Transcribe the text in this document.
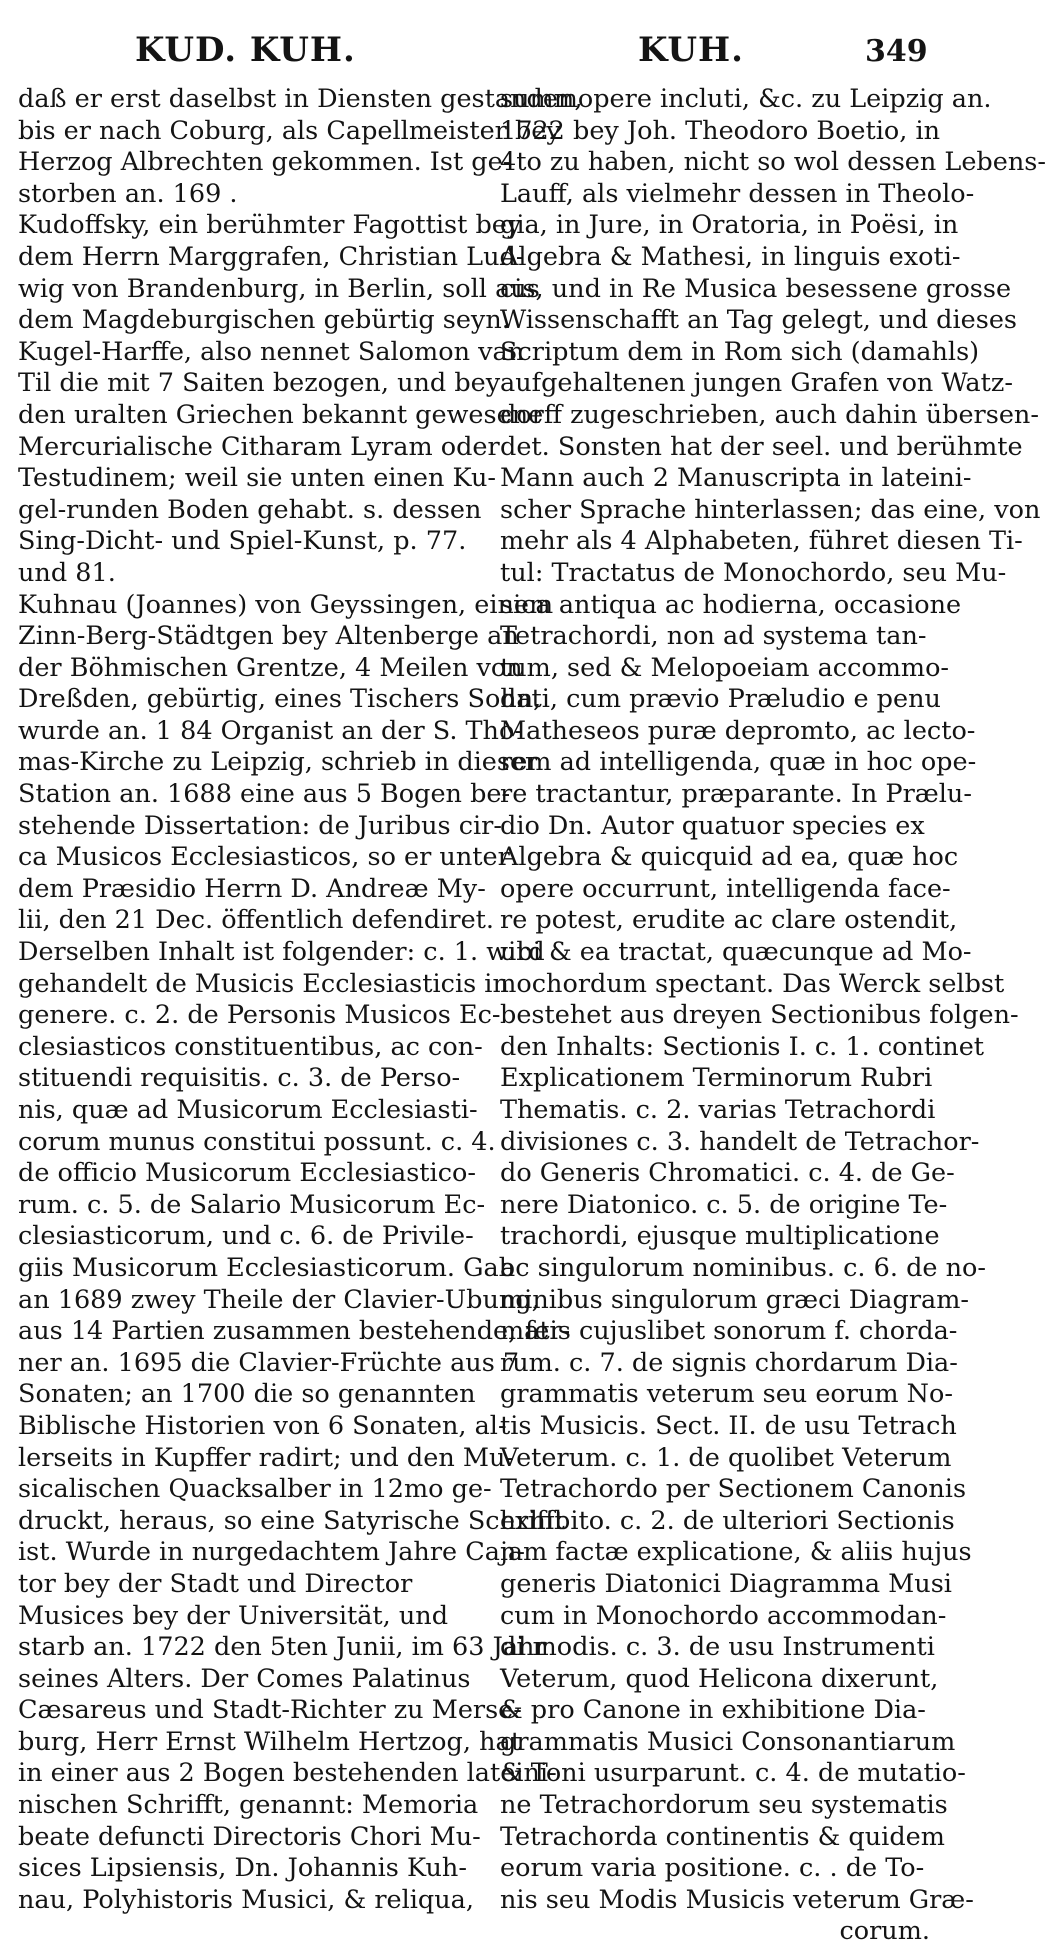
KUD. KUH.	KUH.	349
daß er erst daselbst in Diensten gestanden,
bis er nach Coburg, als Capellmeister bey
Herzog Albrechten gekommen. Ist ge-
storben an. 169 .
Kudoffsky, ein berühmter Fagottist bey
dem Herrn Marggrafen, Christian Lud-
wig von Brandenburg, in Berlin, soll aus
dem Magdeburgischen gebürtig seyn.
Kugel-Harffe, also nennet Salomon van
Til die mit 7 Saiten bezogen, und bey
den uralten Griechen bekannt gewesene
Mercurialische Citharam Lyram oder
Testudinem; weil sie unten einen Ku-
gel-runden Boden gehabt. s. dessen
Sing-Dicht- und Spiel-Kunst, p. 77.
und 81.
Kuhnau (Joannes) von Geyssingen, einem
Zinn-Berg-Städtgen bey Altenberge an
der Böhmischen Grentze, 4 Meilen von
Dreßden, gebürtig, eines Tischers Sohn,
wurde an. 1 84 Organist an der S. Tho-
mas-Kirche zu Leipzig, schrieb in dieser
Station an. 1688 eine aus 5 Bogen be-
stehende Dissertation: de Juribus cir-
ca Musicos Ecclesiasticos, so er unter
dem Præsidio Herrn D. Andreæ My-
lii, den 21 Dec. öffentlich defendiret.
Derselben Inhalt ist folgender: c. 1. wird
gehandelt de Musicis Ecclesiasticis in
genere. c. 2. de Personis Musicos Ec-
clesiasticos constituentibus, ac con-
stituendi requisitis. c. 3. de Perso-
nis, quæ ad Musicorum Ecclesiasti-
corum munus constitui possunt. c. 4.
de officio Musicorum Ecclesiastico-
rum. c. 5. de Salario Musicorum Ec-
clesiasticorum, und c. 6. de Privile-
giis Musicorum Ecclesiasticorum. Gab
an 1689 zwey Theile der Clavier-Ubung,
aus 14 Partien zusammen bestehende; fer-
ner an. 1695 die Clavier-Früchte aus 7
Sonaten; an 1700 die so genannten
Biblische Historien von 6 Sonaten, al-
lerseits in Kupffer radirt; und den Mu-
sicalischen Quacksalber in 12mo ge-
druckt, heraus, so eine Satyrische Schrifft
ist. Wurde in nurgedachtem Jahre Can-
tor bey der Stadt und Director
Musices bey der Universität, und
starb an. 1722 den 5ten Junii, im 63 Jahr
seines Alters. Der Comes Palatinus
Cæsareus und Stadt-Richter zu Merse-
burg, Herr Ernst Wilhelm Hertzog, hat
in einer aus 2 Bogen bestehenden lateini-
nischen Schrifft, genannt: Memoria
beate defuncti Directoris Chori Mu-
sices Lipsiensis, Dn. Johannis Kuh-
nau, Polyhistoris Musici, & reliqua,
summopere incluti, &c. zu Leipzig an.
1722 bey Joh. Theodoro Boetio, in
4to zu haben, nicht so wol dessen Lebens-
Lauff, als vielmehr dessen in Theolo-
gia, in Jure, in Oratoria, in Poësi, in
Algebra & Mathesi, in linguis exoti-
cis, und in Re Musica besessene grosse
Wissenschafft an Tag gelegt, und dieses
Scriptum dem in Rom sich (damahls)
aufgehaltenen jungen Grafen von Watz-
dorff zugeschrieben, auch dahin übersen-
det. Sonsten hat der seel. und berühmte
Mann auch 2 Manuscripta in lateini-
scher Sprache hinterlassen; das eine, von
mehr als 4 Alphabeten, führet diesen Ti-
tul: Tractatus de Monochordo, seu Mu-
sica antiqua ac hodierna, occasione
Tetrachordi, non ad systema tan-
tum, sed & Melopoeiam accommo-
dati, cum prævio Præludio e penu
Matheseos puræ depromto, ac lecto-
rem ad intelligenda, quæ in hoc ope-
re tractantur, præparante. In Prælu-
dio Dn. Autor quatuor species ex
Algebra & quicquid ad ea, quæ hoc
opere occurrunt, intelligenda face-
re potest, erudite ac clare ostendit,
ubi & ea tractat, quæcunque ad Mo-
nochordum spectant. Das Werck selbst
bestehet aus dreyen Sectionibus folgen-
den Inhalts: Sectionis I. c. 1. continet
Explicationem Terminorum Rubri
Thematis. c. 2. varias Tetrachordi
divisiones c. 3. handelt de Tetrachor-
do Generis Chromatici. c. 4. de Ge-
nere Diatonico. c. 5. de origine Te-
trachordi, ejusque multiplicatione
ac singulorum nominibus. c. 6. de no-
minibus singulorum græci Diagram-
matis cujuslibet sonorum f. chorda-
rum. c. 7. de signis chordarum Dia-
grammatis veterum seu eorum No-
tis Musicis. Sect. II. de usu Tetrach
Veterum. c. 1. de quolibet Veterum
Tetrachordo per Sectionem Canonis
exhibito. c. 2. de ulteriori Sectionis
jam factæ explicatione, & aliis hujus
generis Diatonici Diagramma Musi
cum in Monochordo accommodan-
di modis. c. 3. de usu Instrumenti
Veterum, quod Helicona dixerunt,
& pro Canone in exhibitione Dia-
grammatis Musici Consonantiarum
& Toni usurparunt. c. 4. de mutatio-
ne Tetrachordorum seu systematis
Tetrachorda continentis & quidem
eorum varia positione. c. . de To-
nis seu Modis Musicis veterum Græ-
corum.
